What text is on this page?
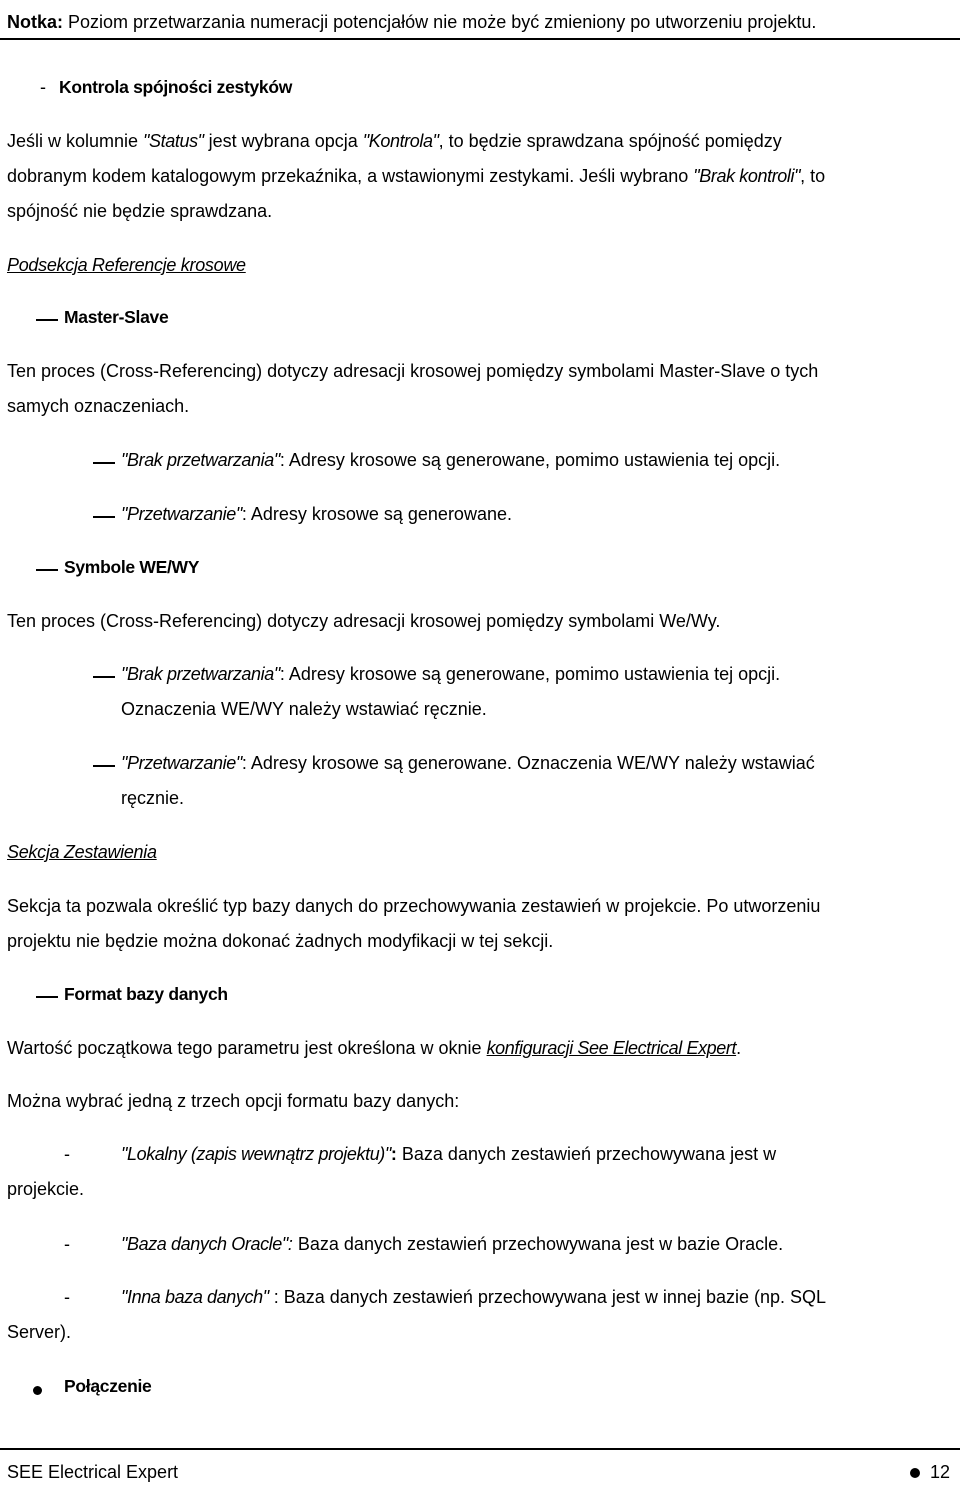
Notka: Poziom przetwarzania numeracji potencjałów nie może być zmieniony po utworzeniu projektu.
- Kontrola spójności zestyków
Jeśli w kolumnie "Status" jest wybrana opcja "Kontrola", to będzie sprawdzana spójność pomiędzy
dobranym kodem katalogowym przekaźnika, a wstawionymi zestykami. Jeśli wybrano "Brak kontroli", to
spójność nie będzie sprawdzana.
Podsekcja Referencje krosowe
Master-Slave
Ten proces (Cross-Referencing) dotyczy adresacji krosowej pomiędzy symbolami Master-Slave o tych
samych oznaczeniach.
"Brak przetwarzania": Adresy krosowe są generowane, pomimo ustawienia tej opcji.
"Przetwarzanie": Adresy krosowe są generowane.
Symbole WE/WY
Ten proces (Cross-Referencing) dotyczy adresacji krosowej pomiędzy symbolami We/Wy.
"Brak przetwarzania": Adresy krosowe są generowane, pomimo ustawienia tej opcji.
Oznaczenia WE/WY należy wstawiać ręcznie.
"Przetwarzanie": Adresy krosowe są generowane. Oznaczenia WE/WY należy wstawiać
ręcznie.
Sekcja Zestawienia
Sekcja ta pozwala określić typ bazy danych do przechowywania zestawień w projekcie. Po utworzeniu
projektu nie będzie można dokonać żadnych modyfikacji w tej sekcji.
Format bazy danych
Wartość początkowa tego parametru jest określona w oknie konfiguracji See Electrical Expert.
Można wybrać jedną z trzech opcji formatu bazy danych:
-	"Lokalny (zapis wewnątrz projektu)": Baza danych zestawień przechowywana jest w
projekcie.
-	"Baza danych Oracle": Baza danych zestawień przechowywana jest w bazie Oracle.
-	"Inna baza danych" : Baza danych zestawień przechowywana jest w innej bazie (np. SQL
Server).
Połączenie
SEE Electrical Expert	12
